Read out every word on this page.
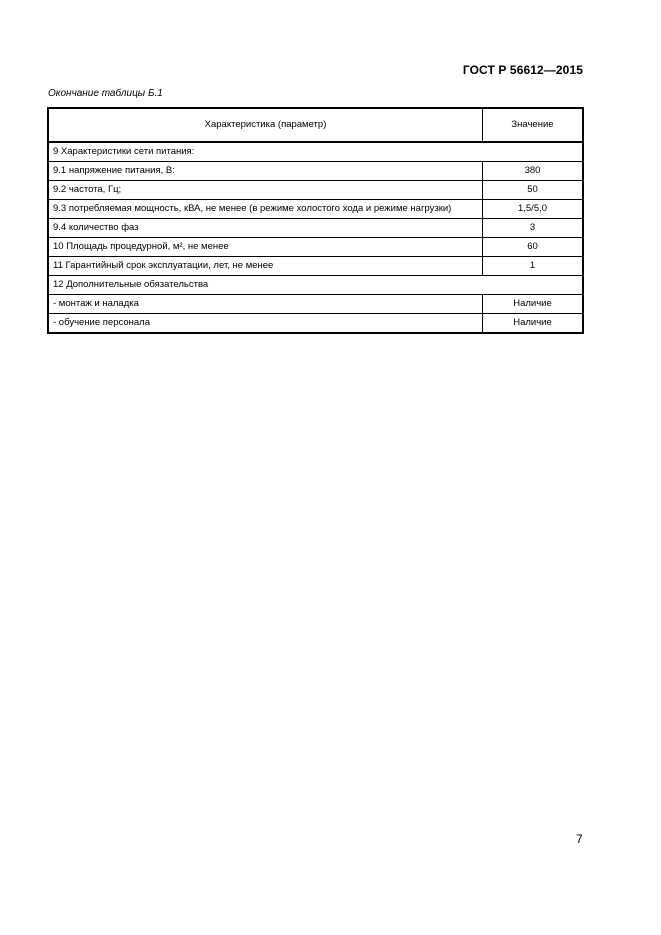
ГОСТ Р 56612—2015
Окончание таблицы Б.1
Характеристика (параметр)	Значение
9 Характеристики сети питания:	
9.1 напряжение питания, В:	380
9.2 частота, Гц;	50
9.3 потребляемая мощность, кВА, не менее (в режиме холостого хода и режиме нагрузки)	1,5/5,0
9.4 количество фаз	3
10 Площадь процедурной, м², не менее	60
11 Гарантийный срок эксплуатации, лет, не менее	1
12 Дополнительные обязательства	
- монтаж и наладка	Наличие
- обучение персонала	Наличие
7
